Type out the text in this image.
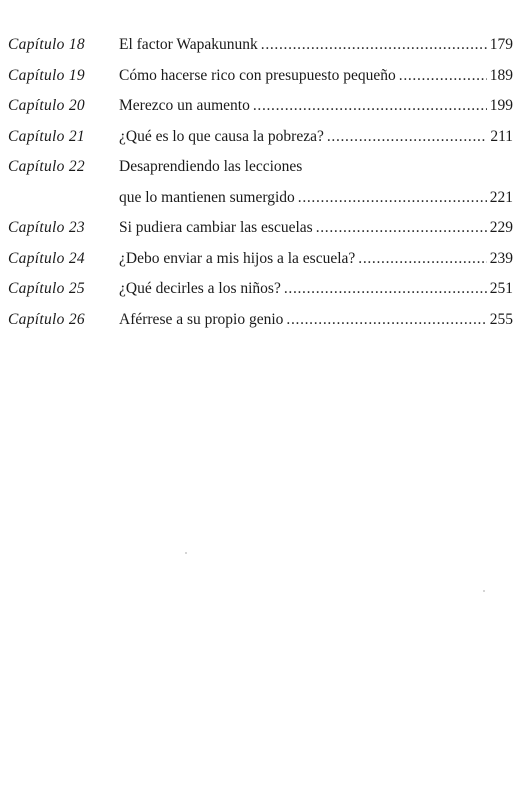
Capítulo 18 El factor Wapakununk . . .	179
Capítulo 19 Cómo hacerse rico con presupuesto pequeño . . .	189
Capítulo 20 Merezco un aumento . . .	199
Capítulo 21 ¿Qué es lo que causa la pobreza? . . .	211
Capítulo 22 Desaprendiendo las lecciones
que lo mantienen sumergido . . .	221
Capítulo 23 Si pudiera cambiar las escuelas . . .	229
Capítulo 24 ¿Debo enviar a mis hijos a la escuela? . . .	239
Capítulo 25 ¿Qué decirles a los niños? . . .	251
Capítulo 26 Aférrese a su propio genio . . .	255
